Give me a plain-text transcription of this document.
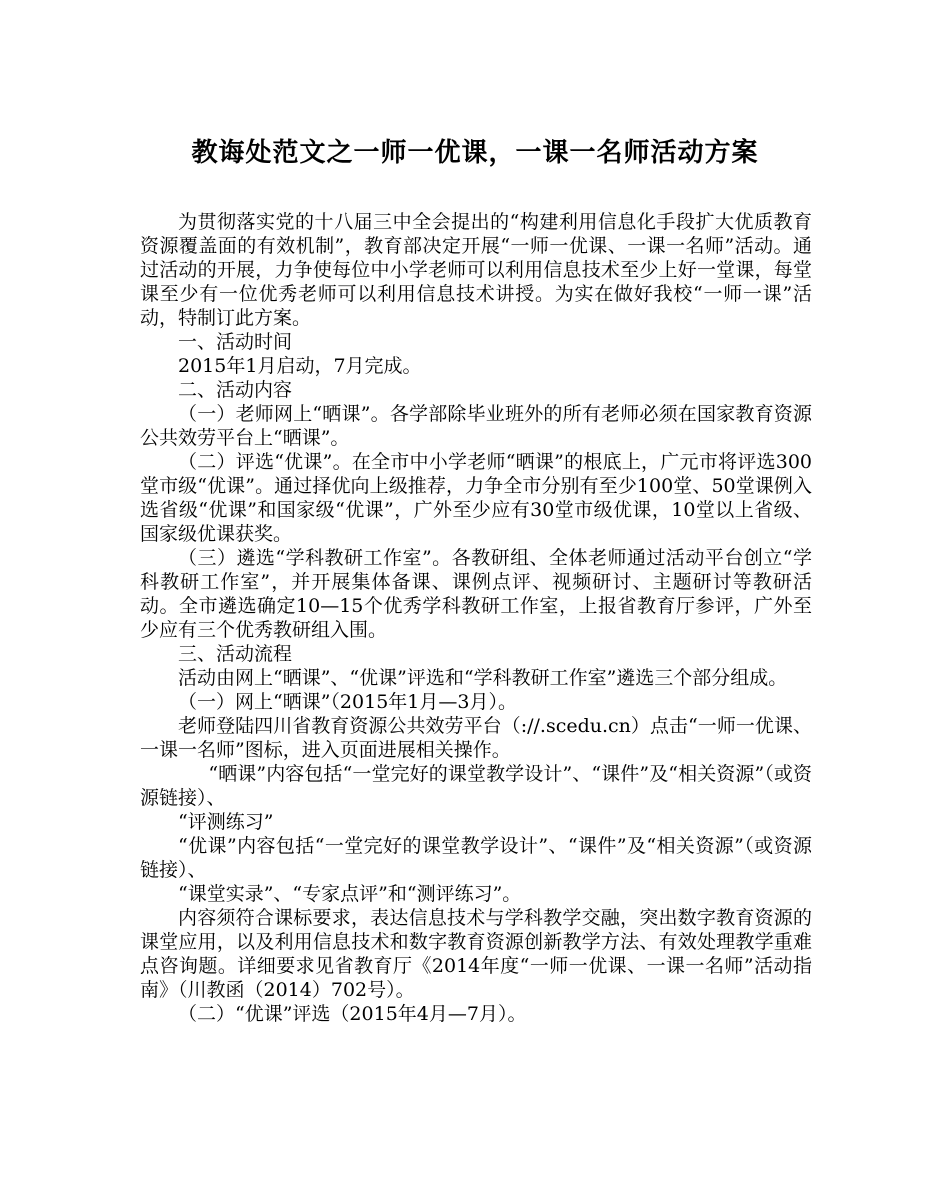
教诲处范文之一师一优课，一课一名师活动方案

为贯彻落实党的十八届三中全会提出的“构建利用信息化手段扩大优质教育资源覆盖面的有效机制”，教育部决定开展“一师一优课、一课一名师”活动。通过活动的开展，力争使每位中小学老师可以利用信息技术至少上好一堂课，每堂课至少有一位优秀老师可以利用信息技术讲授。为实在做好我校“一师一课”活动，特制订此方案。

一、活动时间

2015年1月启动，7月完成。

二、活动内容

（一）老师网上“晒课”。各学部除毕业班外的所有老师必须在国家教育资源公共效劳平台上“晒课”。

（二）评选“优课”。在全市中小学老师“晒课”的根底上，广元市将评选300堂市级“优课”。通过择优向上级推荐，力争全市分别有至少100堂、50堂课例入选省级“优课”和国家级“优课”，广外至少应有30堂市级优课，10堂以上省级、国家级优课获奖。

（三）遴选“学科教研工作室”。各教研组、全体老师通过活动平台创立“学科教研工作室”，并开展集体备课、课例点评、视频研讨、主题研讨等教研活动。全市遴选确定10—15个优秀学科教研工作室，上报省教育厅参评，广外至少应有三个优秀教研组入围。

三、活动流程

活动由网上“晒课”、“优课”评选和“学科教研工作室”遴选三个部分组成。

（一）网上“晒课”（2015年1月—3月）。

老师登陆四川省教育资源公共效劳平台（://.scedu.cn）点击“一师一优课、一课一名师”图标，进入页面进展相关操作。

“晒课”内容包括“一堂完好的课堂教学设计”、“课件”及“相关资源”（或资源链接）、

“评测练习”

“优课”内容包括“一堂完好的课堂教学设计”、“课件”及“相关资源”（或资源链接）、

“课堂实录”、“专家点评”和“测评练习”。

内容须符合课标要求，表达信息技术与学科教学交融，突出数字教育资源的课堂应用，以及利用信息技术和数字教育资源创新教学方法、有效处理教学重难点咨询题。详细要求见省教育厅《2014年度“一师一优课、一课一名师”活动指南》（川教函（2014）702号）。

（二）“优课”评选（2015年4月—7月）。
